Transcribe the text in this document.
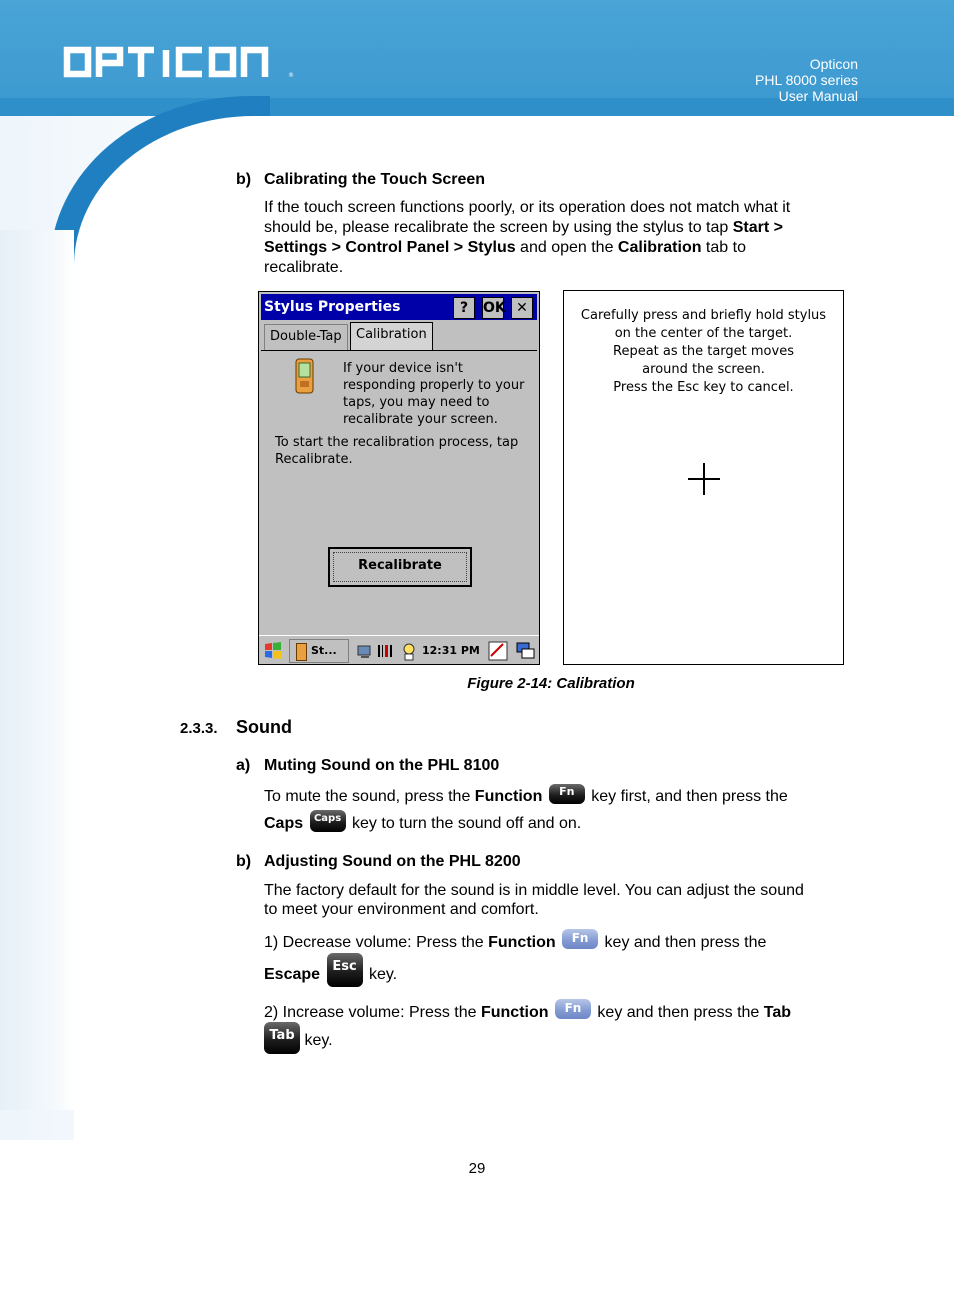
®
Opticon
PHL 8000 series
User Manual
b) Calibrating the Touch Screen
If the touch screen functions poorly, or its operation does not match what it
should be, please recalibrate the screen by using the stylus to tap Start >
Settings > Control Panel > Stylus and open the Calibration tab to
recalibrate.
Stylus Properties	?	OK ✕
Double-Tap	Calibration
If your device isn't
responding properly to your
taps, you may need to
recalibrate your screen.
To start the recalibration process, tap
Recalibrate.
Recalibrate
St...	12:31 PM
Carefully press and briefly hold stylus
on the center of the target.
Repeat as the target moves
around the screen.
Press the Esc key to cancel.
Figure 2-14: Calibration
2.3.3. Sound
a) Muting Sound on the PHL 8100
To mute the sound, press the Function Fn key first, and then press the
Caps Caps key to turn the sound off and on.
b) Adjusting Sound on the PHL 8200
The factory default for the sound is in middle level. You can adjust the sound
to meet your environment and comfort.
1) Decrease volume: Press the Function Fn key and then press the
Escape Esc key.
2) Increase volume: Press the Function Fn key and then press the Tab
Tab key.
29
